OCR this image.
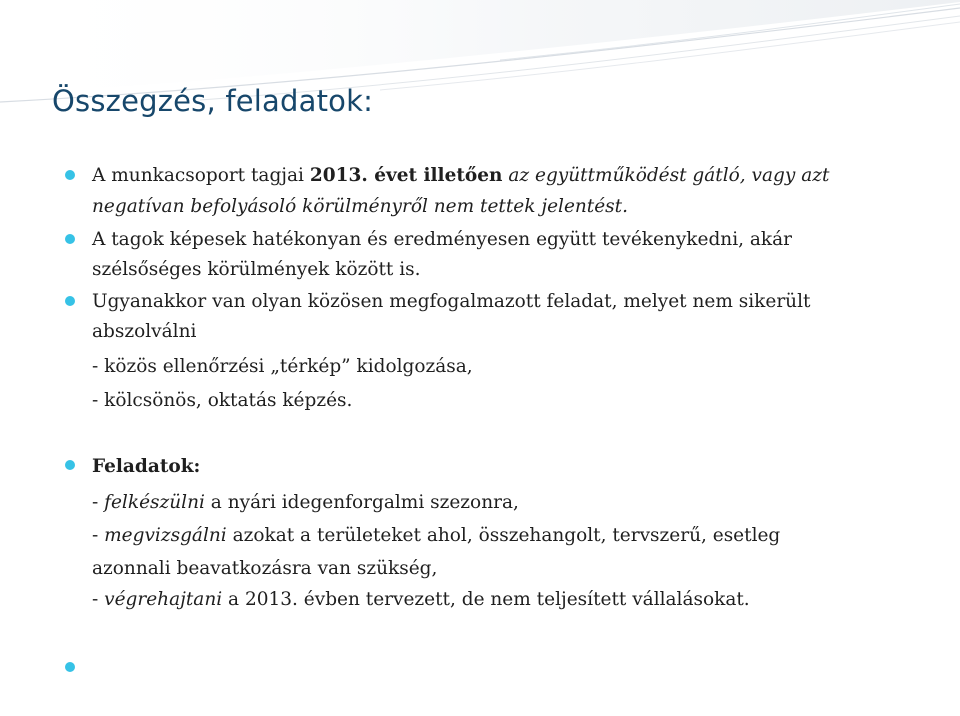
Összegzés, feladatok:
A munkacsoport tagjai 2013. évet illetően az együttműködést gátló, vagy azt
negatívan befolyásoló körülményről nem tettek jelentést.
A tagok képesek hatékonyan és eredményesen együtt tevékenykedni, akár
szélsőséges körülmények között is.
Ugyanakkor van olyan közösen megfogalmazott feladat, melyet nem sikerült
abszolválni
- közös ellenőrzési „térkép” kidolgozása,
- kölcsönös, oktatás képzés.
Feladatok:
- felkészülni a nyári idegenforgalmi szezonra,
- megvizsgálni azokat a területeket ahol, összehangolt, tervszerű, esetleg
azonnali beavatkozásra van szükség,
- végrehajtani a 2013. évben tervezett, de nem teljesített vállalásokat.
